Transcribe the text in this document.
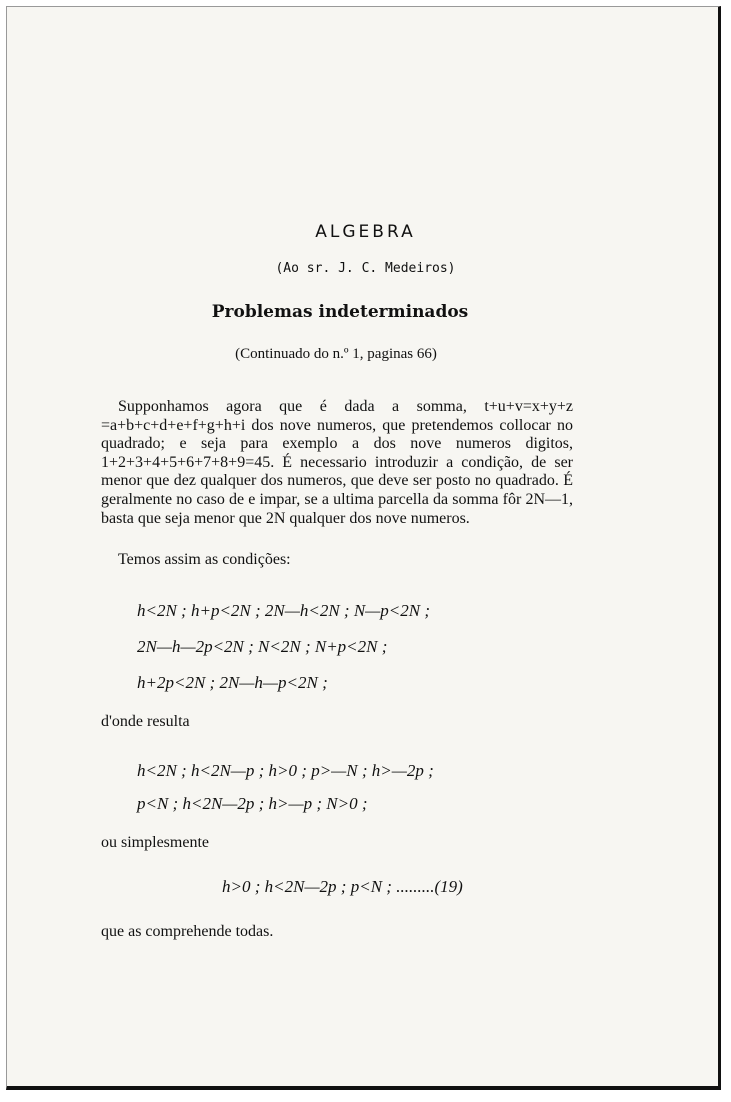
ALGEBRA
(Ao sr. J. C. Medeiros)
Problemas indeterminados
(Continuado do n.º 1, paginas 66)
Supponhamos agora que é dada a somma, t+u+v=x+y+z =a+b+c+d+e+f+g+h+i dos nove numeros, que pretendemos collocar no quadrado; e seja para exemplo a dos nove numeros digitos, 1+2+3+4+5+6+7+8+9=45. É necessario introduzir a condição, de ser menor que dez qualquer dos numeros, que deve ser posto no quadrado. É geralmente no caso de e impar, se a ultima parcella da somma fôr 2N—1, basta que seja menor que 2N qualquer dos nove numeros.
Temos assim as condições:
h<2N ; h+p<2N ; 2N—h<2N ; N—p<2N ;
2N—h—2p<2N ; N<2N ; N+p<2N ;
h+2p<2N ; 2N—h—p<2N ;
d'onde resulta
h<2N ; h<2N—p ; h>0 ; p>—N ; h>—2p ;
p<N ; h<2N—2p ; h>—p ; N>0 ;
ou simplesmente
h>0 ; h<2N—2p ; p<N ; .........(19)
que as comprehende todas.
